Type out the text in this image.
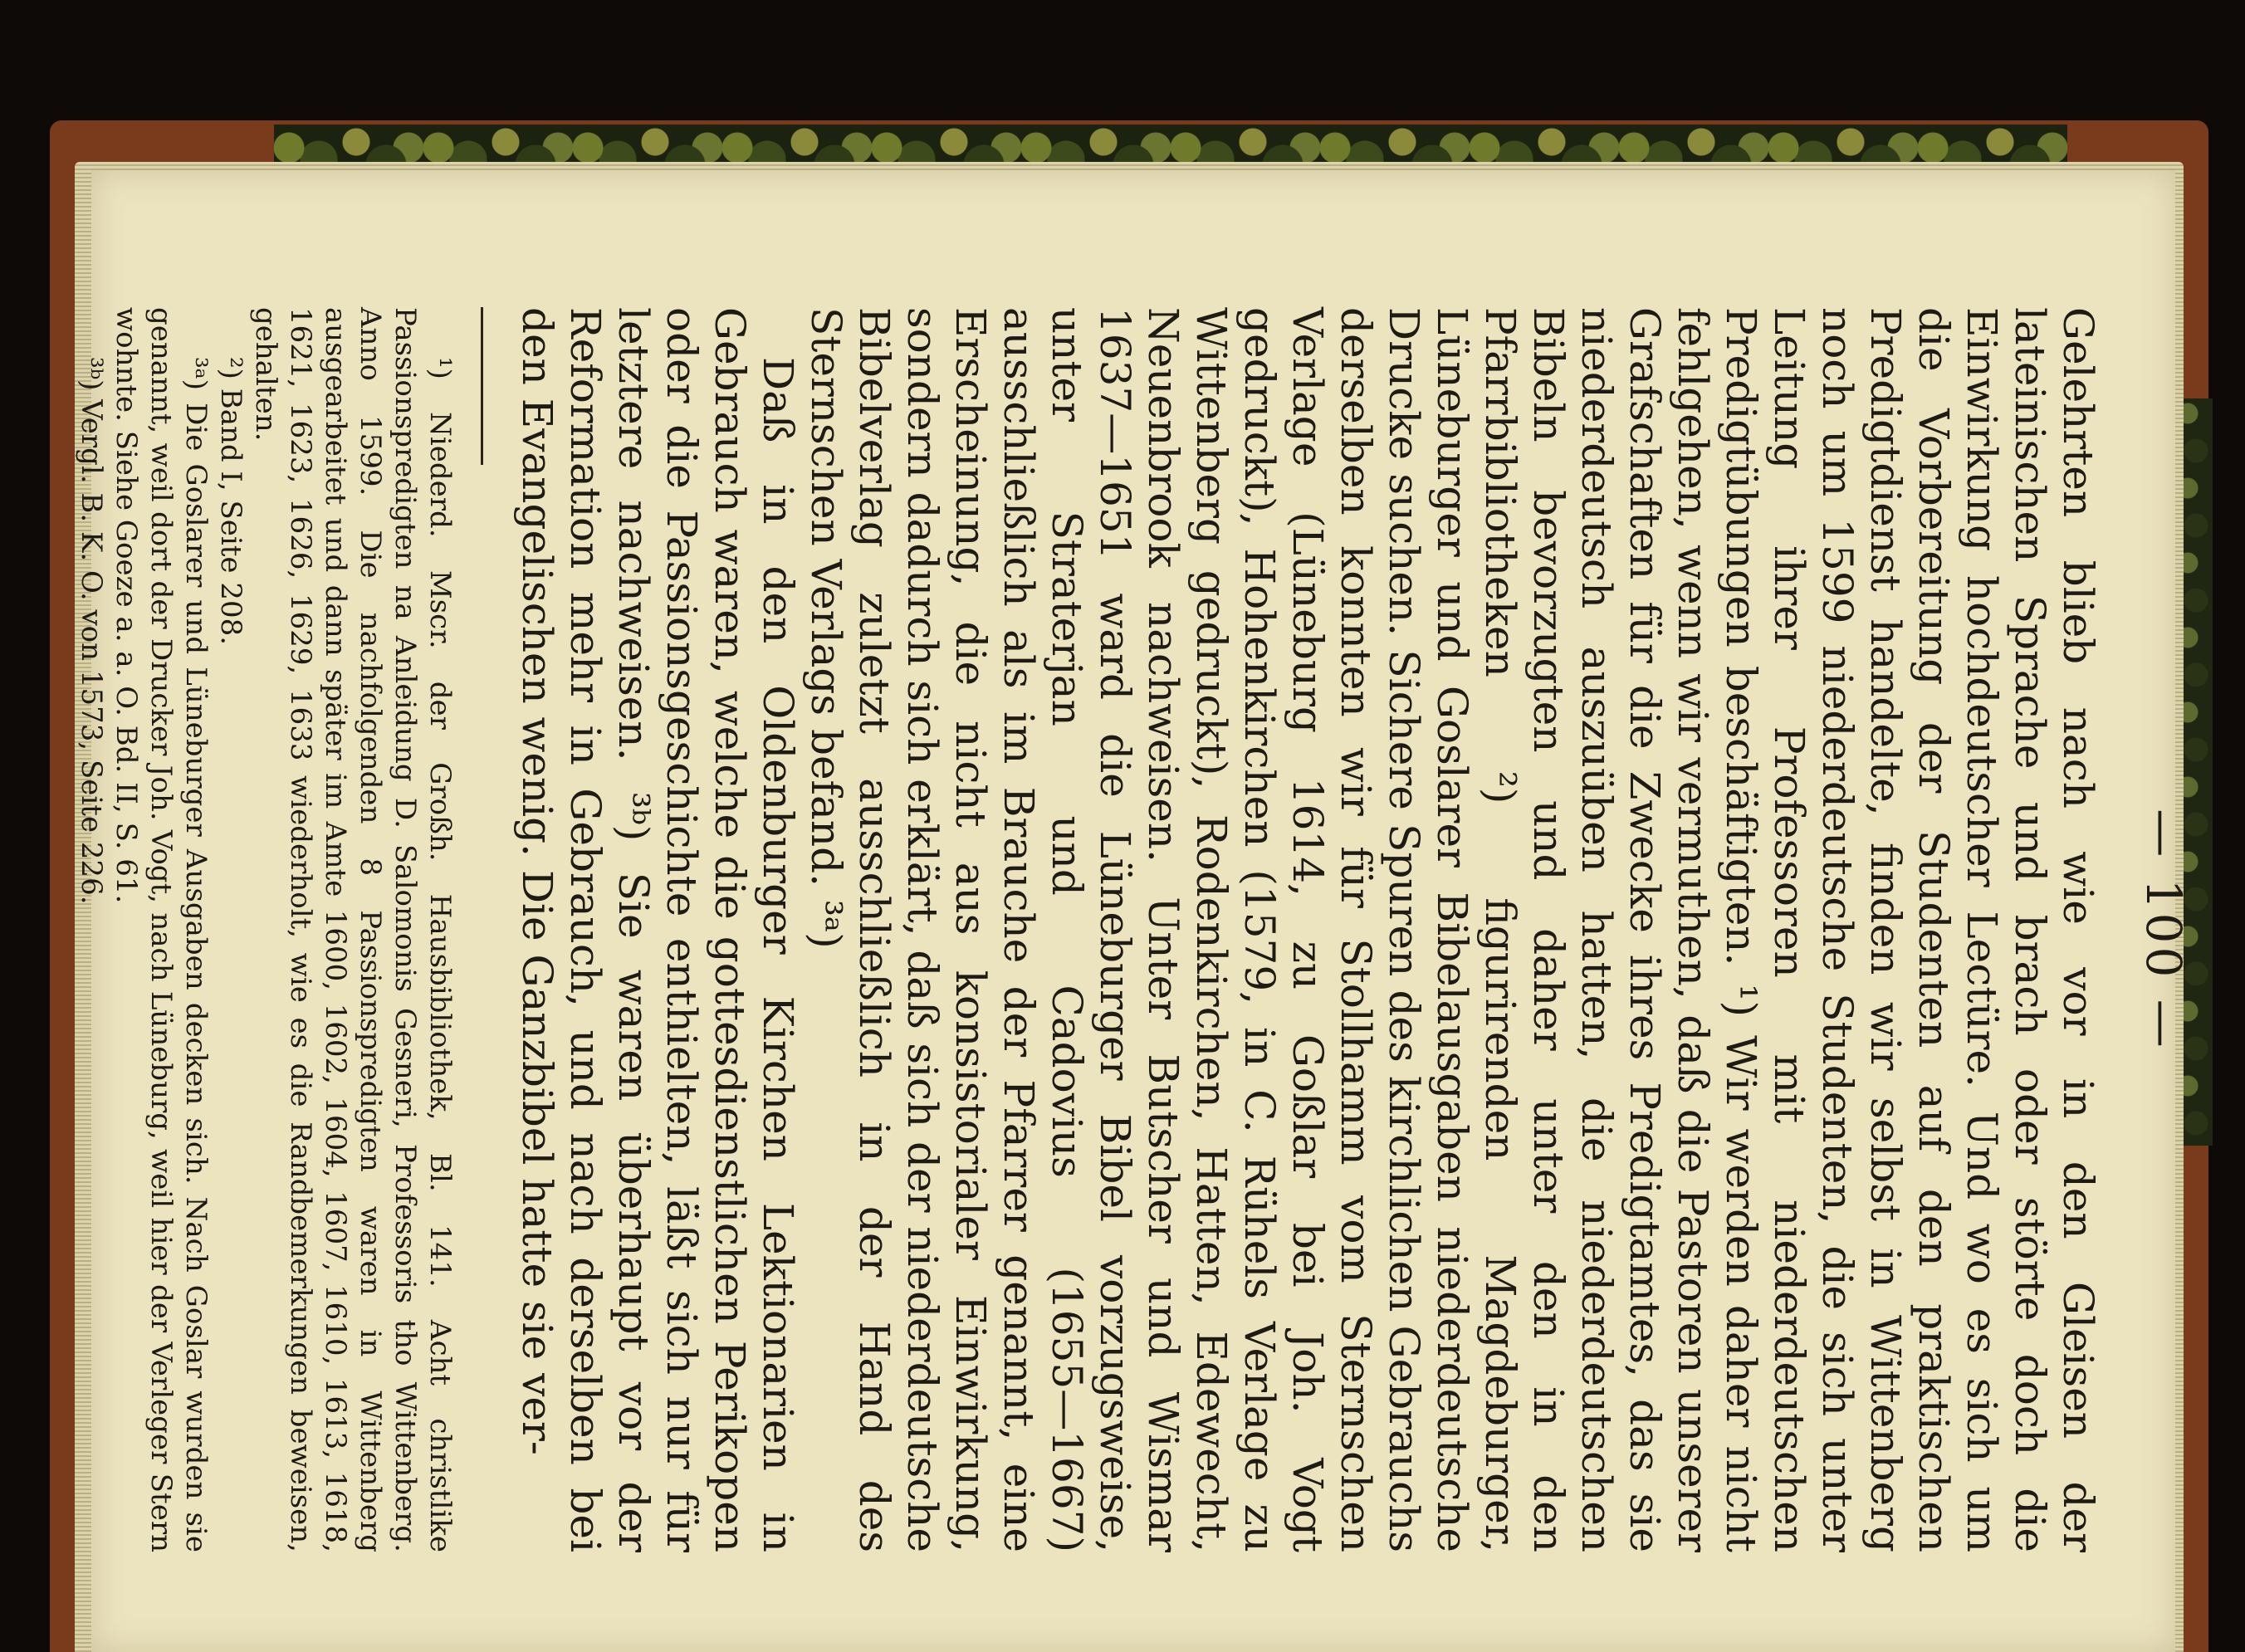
— 100 —

Gelehrten blieb nach wie vor in den Gleisen der lateinischen Sprache und brach oder störte doch die Einwirkung hochdeutscher Lectüre. Und wo es sich um die Vorbereitung der Studenten auf den praktischen Predigtdienst handelte, finden wir selbst in Wittenberg noch um 1599 niederdeutsche Studenten, die sich unter Leitung ihrer Professoren mit niederdeutschen Predigtübungen beschäftigten. ¹) Wir werden daher nicht fehlgehen, wenn wir vermuthen, daß die Pastoren unserer Grafschaften für die Zwecke ihres Predigtamtes, das sie niederdeutsch auszuüben hatten, die niederdeutschen Bibeln bevorzugten und daher unter den in den Pfarrbibliotheken ²) figurirenden Magdeburger, Lüneburger und Goslarer Bibelausgaben niederdeutsche Drucke suchen. Sichere Spuren des kirchlichen Gebrauchs derselben konnten wir für Stollhamm vom Sternschen Verlage (Lüneburg 1614, zu Goßlar bei Joh. Vogt gedruckt), Hohenkirchen (1579, in C. Rühels Verlage zu Wittenberg gedruckt), Rodenkirchen, Hatten, Edewecht, Neuenbrook nachweisen. Unter Butscher und Wismar 1637—1651 ward die Lüneburger Bibel vorzugsweise, unter Straterjan und Cadovius (1655—1667) ausschließlich als im Brauche der Pfarrer genannt, eine Erscheinung, die nicht aus konsistorialer Einwirkung, sondern dadurch sich erklärt, daß sich der niederdeutsche Bibelverlag zuletzt ausschließlich in der Hand des Sternschen Verlags befand. ³ᵃ)

Daß in den Oldenburger Kirchen Lektionarien in Gebrauch waren, welche die gottesdienstlichen Perikopen oder die Passionsgeschichte enthielten, läßt sich nur für letztere nachweisen. ³ᵇ) Sie waren überhaupt vor der Reformation mehr in Gebrauch, und nach derselben bei den Evangelischen wenig. Die Ganzbibel hatte sie ver-

¹) Niederd. Mscr. der Großh. Hausbibliothek, Bl. 141. Acht christlike Passionspredigten na Anleidung D. Salomonis Gesneri, Professoris tho Wittenberg. Anno 1599. Die nachfolgenden 8 Passionspredigten waren in Wittenberg ausgearbeitet und dann später im Amte 1600, 1602, 1604, 1607, 1610, 1613, 1618, 1621, 1623, 1626, 1629, 1633 wiederholt, wie es die Randbemerkungen beweisen, gehalten.

²) Band I, Seite 208.

³ᵃ) Die Goslarer und Lüneburger Ausgaben decken sich. Nach Goslar wurden sie genannt, weil dort der Drucker Joh. Vogt, nach Lüneburg, weil hier der Verleger Stern wohnte. Siehe Goeze a. a. O. Bd. II, S. 61.

³ᵇ) Vergl. B. K. O. von 1573, Seite 226.
